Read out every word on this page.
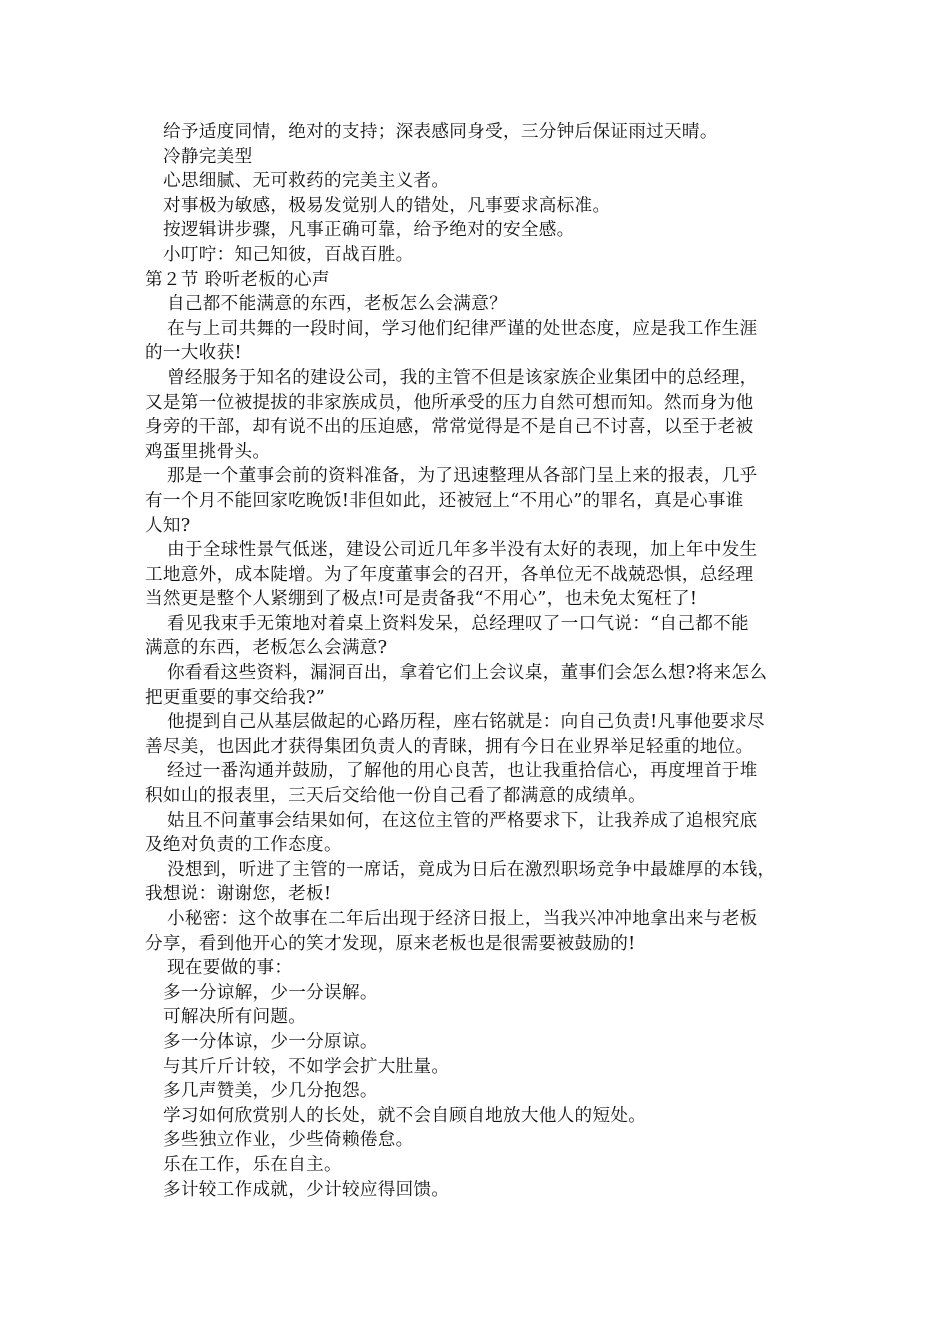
给予适度同情，绝对的支持；深表感同身受，三分钟后保证雨过天晴。
冷静完美型
心思细腻、无可救药的完美主义者。
对事极为敏感，极易发觉别人的错处，凡事要求高标准。
按逻辑讲步骤，凡事正确可靠，给予绝对的安全感。
小叮咛：知己知彼，百战百胜。
第２节 聆听老板的心声
自己都不能满意的东西，老板怎么会满意？
在与上司共舞的一段时间，学习他们纪律严谨的处世态度，应是我工作生涯
的一大收获!
曾经服务于知名的建设公司，我的主管不但是该家族企业集团中的总经理，
又是第一位被提拔的非家族成员，他所承受的压力自然可想而知。然而身为他
身旁的干部，却有说不出的压迫感，常常觉得是不是自己不讨喜，以至于老被
鸡蛋里挑骨头。
那是一个董事会前的资料准备，为了迅速整理从各部门呈上来的报表，几乎
有一个月不能回家吃晚饭!非但如此，还被冠上“不用心”的罪名，真是心事谁
人知?
由于全球性景气低迷，建设公司近几年多半没有太好的表现，加上年中发生
工地意外，成本陡增。为了年度董事会的召开，各单位无不战兢恐惧，总经理
当然更是整个人紧绷到了极点!可是责备我“不用心”，也未免太冤枉了!
看见我束手无策地对着桌上资料发呆，总经理叹了一口气说：“自己都不能
满意的东西，老板怎么会满意?
你看看这些资料，漏洞百出，拿着它们上会议桌，董事们会怎么想?将来怎么
把更重要的事交给我?”
他提到自己从基层做起的心路历程，座右铭就是：向自己负责!凡事他要求尽
善尽美，也因此才获得集团负责人的青睐，拥有今日在业界举足轻重的地位。
经过一番沟通并鼓励，了解他的用心良苦，也让我重拾信心，再度埋首于堆
积如山的报表里，三天后交给他一份自己看了都满意的成绩单。
姑且不问董事会结果如何，在这位主管的严格要求下，让我养成了追根究底
及绝对负责的工作态度。
没想到，听进了主管的一席话，竟成为日后在激烈职场竞争中最雄厚的本钱，
我想说：谢谢您，老板!
小秘密：这个故事在二年后出现于经济日报上，当我兴冲冲地拿出来与老板
分享，看到他开心的笑才发现，原来老板也是很需要被鼓励的!
现在要做的事：
多一分谅解，少一分误解。
可解决所有问题。
多一分体谅，少一分原谅。
与其斤斤计较，不如学会扩大肚量。
多几声赞美，少几分抱怨。
学习如何欣赏别人的长处，就不会自顾自地放大他人的短处。
多些独立作业，少些倚赖倦怠。
乐在工作，乐在自主。
多计较工作成就，少计较应得回馈。
